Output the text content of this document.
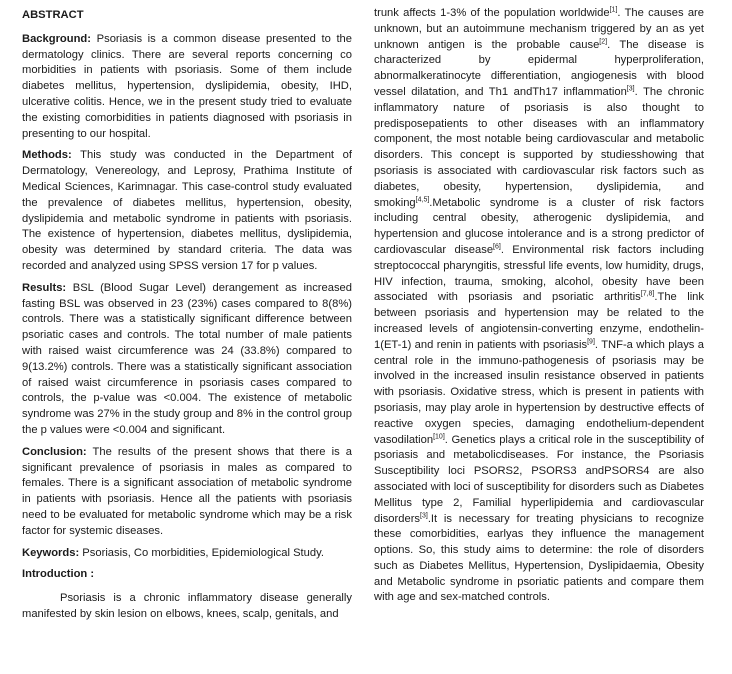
ABSTRACT

Background: Psoriasis is a common disease presented to the dermatology clinics. There are several reports concerning co morbidities in patients with psoriasis. Some of them include diabetes mellitus, hypertension, dyslipidemia, obesity, IHD, ulcerative colitis. Hence, we in the present study tried to evaluate the existing comorbidities in patients diagnosed with psoriasis in presenting to our hospital.

Methods: This study was conducted in the Department of Dermatology, Venereology, and Leprosy, Prathima Institute of Medical Sciences, Karimnagar. This case-control study evaluated the prevalence of diabetes mellitus, hypertension, obesity, dyslipidemia and metabolic syndrome in patients with psoriasis. The existence of hypertension, diabetes mellitus, dyslipidemia, obesity was determined by standard criteria. The data was recorded and analyzed using SPSS version 17 for p values.

Results: BSL (Blood Sugar Level) derangement as increased fasting BSL was observed in 23 (23%) cases compared to 8(8%) controls. There was a statistically significant difference between psoriatic cases and controls. The total number of male patients with raised waist circumference was 24 (33.8%) compared to 9(13.2%) controls. There was a statistically significant association of raised waist circumference in psoriasis cases compared to controls, the p-value was <0.004. The existence of metabolic syndrome was 27% in the study group and 8% in the control group the p values were <0.004 and significant.

Conclusion: The results of the present shows that there is a significant prevalence of psoriasis in males as compared to females. There is a significant association of metabolic syndrome in patients with psoriasis. Hence all the patients with psoriasis need to be evaluated for metabolic syndrome which may be a risk factor for systemic diseases.

Keywords: Psoriasis, Co morbidities, Epidemiological Study.

Introduction :

Psoriasis is a chronic inflammatory disease generally manifested by skin lesion on elbows, knees, scalp, genitals, and

trunk affects 1-3% of the population worldwide[1]. The causes are unknown, but an autoimmune mechanism triggered by an as yet unknown antigen is the probable cause[2]. The disease is characterized by epidermal hyperproliferation, abnormalkeratinocyte differentiation, angiogenesis with blood vessel dilatation, and Th1 andTh17 inflammation[3]. The chronic inflammatory nature of psoriasis is also thought to predisposepatients to other diseases with an inflammatory component, the most notable being cardiovascular and metabolic disorders. This concept is supported by studiesshowing that psoriasis is associated with cardiovascular risk factors such as diabetes, obesity, hypertension, dyslipidemia, and smoking[4,5].Metabolic syndrome is a cluster of risk factors including central obesity, atherogenic dyslipidemia, and hypertension and glucose intolerance and is a strong predictor of cardiovascular disease[6]. Environmental risk factors including streptococcal pharyngitis, stressful life events, low humidity, drugs, HIV infection, trauma, smoking, alcohol, obesity have been associated with psoriasis and psoriatic arthritis[7,8].The link between psoriasis and hypertension may be related to the increased levels of angiotensin-converting enzyme, endothelin-1(ET-1) and renin in patients with psoriasis[9]. TNF-a which plays a central role in the immuno-pathogenesis of psoriasis may be involved in the increased insulin resistance observed in patients with psoriasis. Oxidative stress, which is present in patients with psoriasis, may play arole in hypertension by destructive effects of reactive oxygen species, damaging endothelium-dependent vasodilation[10]. Genetics plays a critical role in the susceptibility of psoriasis and metabolicdiseases. For instance, the Psoriasis Susceptibility loci PSORS2, PSORS3 andPSORS4 are also associated with loci of susceptibility for disorders such as Diabetes Mellitus type 2, Familial hyperlipidemia and cardiovascular disorders[3].It is necessary for treating physicians to recognize these comorbidities, earlyas they influence the management options. So, this study aims to determine: the role of disorders such as Diabetes Mellitus, Hypertension, Dyslipidaemia, Obesity and Metabolic syndrome in psoriatic patients and compare them with age and sex-matched controls.
